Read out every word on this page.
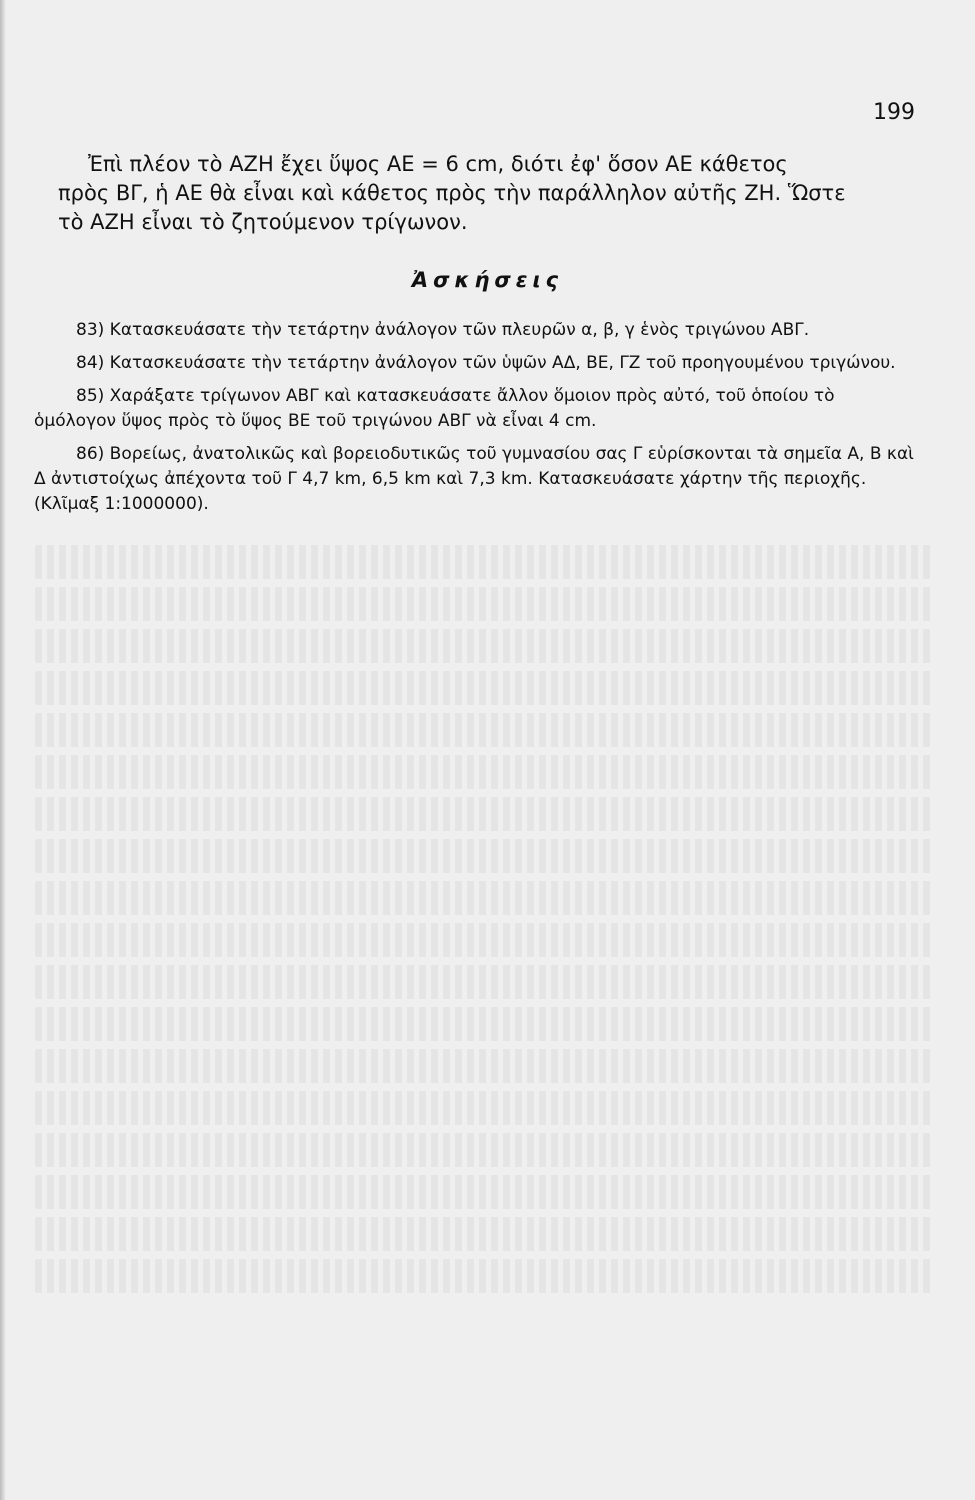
199

Ἐπὶ πλέον τὸ ΑΖΗ ἔχει ὕψος ΑΕ = 6 cm, διότι ἐφ' ὅσον ΑΕ κάθετος

πρὸς ΒΓ, ἡ ΑΕ θὰ εἶναι καὶ κάθετος πρὸς τὴν παράλληλον αὐτῆς ΖΗ. Ὥστε

τὸ ΑΖΗ εἶναι τὸ ζητούμενον τρίγωνον.

Ἀσκήσεις

83) Κατασκευάσατε τὴν τετάρτην ἀνάλογον τῶν πλευρῶν α, β, γ ἑνὸς τριγώνου ΑΒΓ.

84) Κατασκευάσατε τὴν τετάρτην ἀνάλογον τῶν ὑψῶν ΑΔ, ΒΕ, ΓΖ τοῦ προηγουμένου τριγώνου.

85) Χαράξατε τρίγωνον ΑΒΓ καὶ κατασκευάσατε ἄλλον ὅμοιον πρὸς αὐτό, τοῦ ὁποίου τὸ ὁμόλογον ὕψος πρὸς τὸ ὕψος ΒΕ τοῦ τριγώνου ΑΒΓ νὰ εἶναι 4 cm.

86) Βορείως, ἀνατολικῶς καὶ βορειοδυτικῶς τοῦ γυμνασίου σας Γ εὑρίσκονται τὰ σημεῖα Α, Β καὶ Δ ἀντιστοίχως ἀπέχοντα τοῦ Γ 4,7 km, 6,5 km καὶ 7,3 km. Κατασκευάσατε χάρτην τῆς περιοχῆς. (Κλῖμαξ 1:1000000).
